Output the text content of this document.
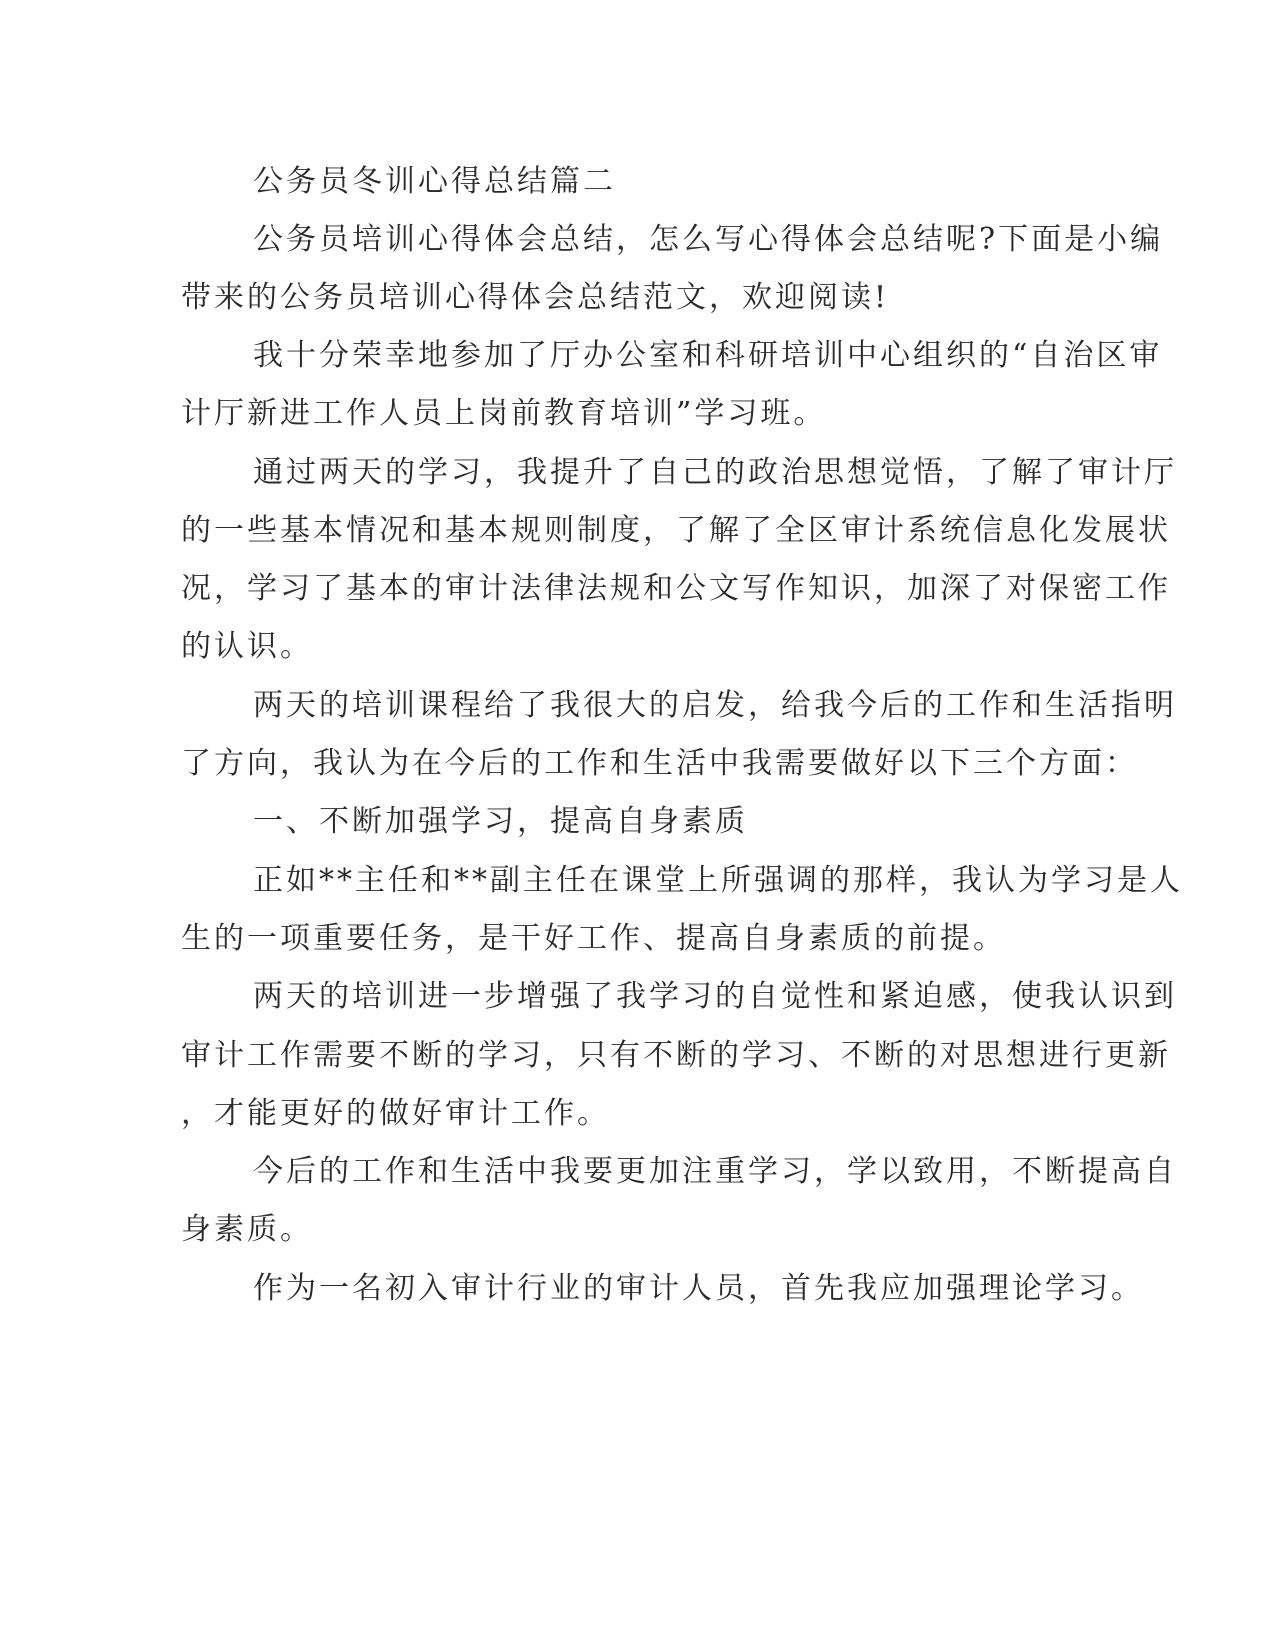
公务员冬训心得总结篇二

公务员培训心得体会总结，怎么写心得体会总结呢?下面是小编

带来的公务员培训心得体会总结范文，欢迎阅读!

我十分荣幸地参加了厅办公室和科研培训中心组织的“自治区审

计厅新进工作人员上岗前教育培训”学习班。

通过两天的学习，我提升了自己的政治思想觉悟，了解了审计厅

的一些基本情况和基本规则制度，了解了全区审计系统信息化发展状

况，学习了基本的审计法律法规和公文写作知识，加深了对保密工作

的认识。

两天的培训课程给了我很大的启发，给我今后的工作和生活指明

了方向，我认为在今后的工作和生活中我需要做好以下三个方面：

一、不断加强学习，提高自身素质

正如**主任和**副主任在课堂上所强调的那样，我认为学习是人

生的一项重要任务，是干好工作、提高自身素质的前提。

两天的培训进一步增强了我学习的自觉性和紧迫感，使我认识到

审计工作需要不断的学习，只有不断的学习、不断的对思想进行更新

，才能更好的做好审计工作。

今后的工作和生活中我要更加注重学习，学以致用，不断提高自

身素质。

作为一名初入审计行业的审计人员，首先我应加强理论学习。
